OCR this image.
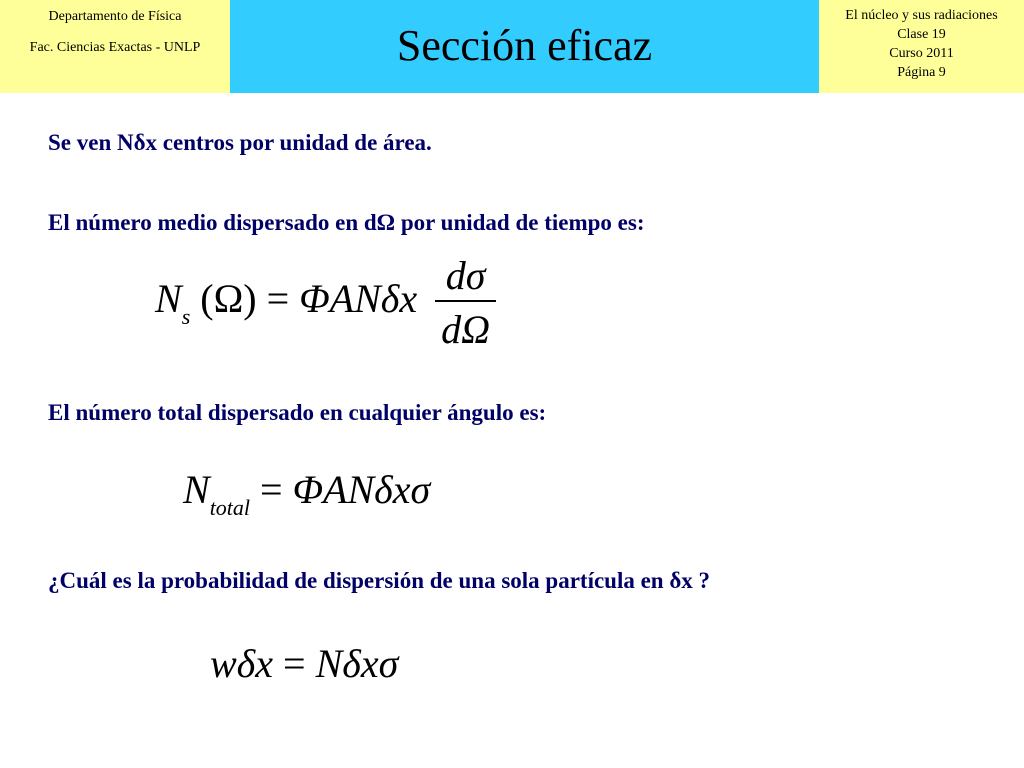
Departamento de Física
Fac. Ciencias Exactas - UNLP	Sección eficaz
El núcleo y sus radiaciones
Clase 19
Curso 2011
Página 9
Se ven Nδx centros por unidad de área.
El número medio dispersado en dΩ por unidad de tiempo es:
$N_s$ (Ω) = ΦANδx $\frac{d\sigma}{d\Omega}$
El número total dispersado en cualquier ángulo es:
$N_{total} = \Phi AN\delta x\sigma$
¿Cuál es la probabilidad de dispersión de una sola partícula en δx ?
wδx = Nδxσ
